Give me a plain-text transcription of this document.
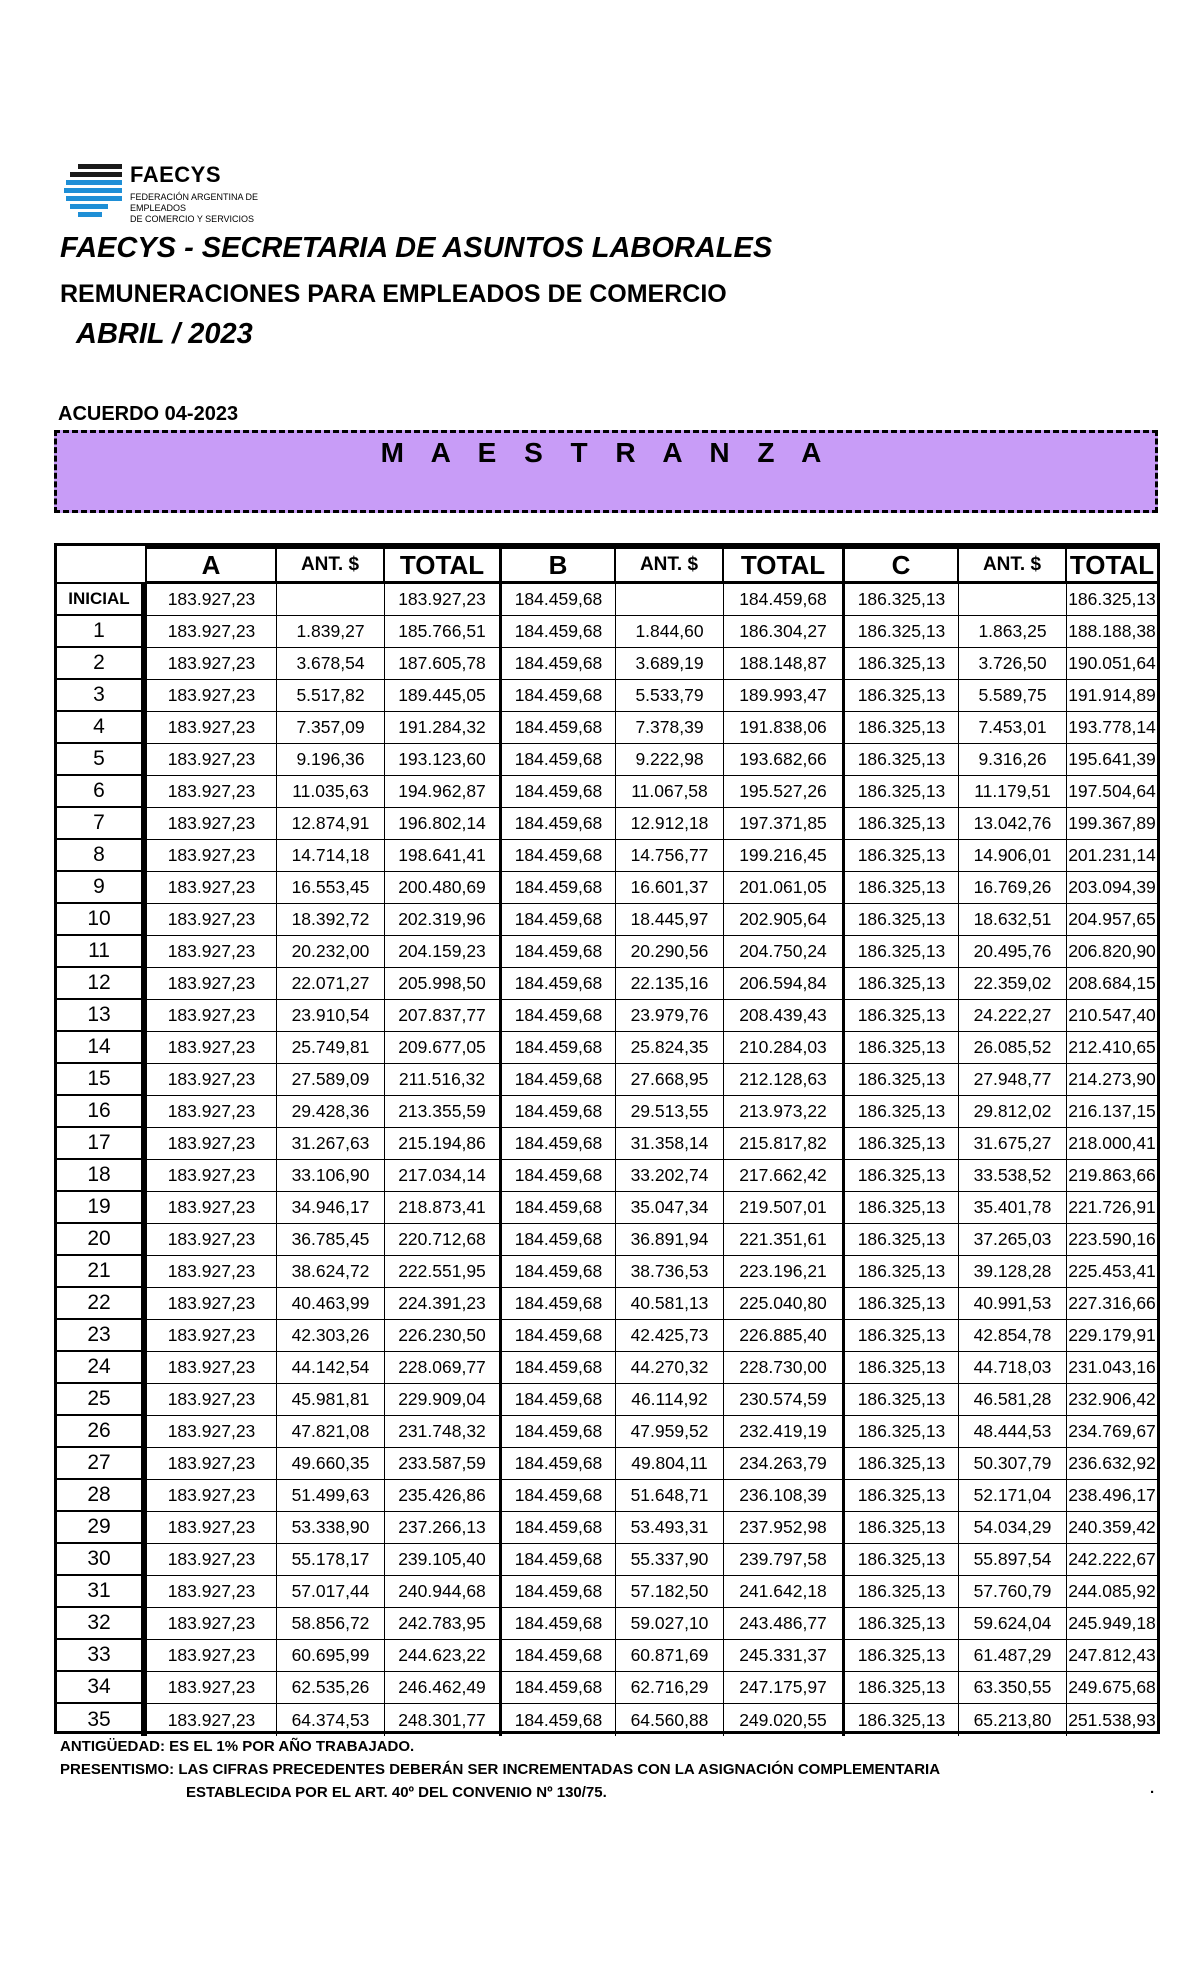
FAECYS
FEDERACIÓN ARGENTINA DE EMPLEADOS
DE COMERCIO Y SERVICIOS
FAECYS - SECRETARIA DE ASUNTOS LABORALES
REMUNERACIONES PARA EMPLEADOS DE COMERCIO
ABRIL / 2023
ACUERDO 04-2023
M A E S T R A N Z A
	A	ANT. $	TOTAL	B	ANT. $	TOTAL	C	ANT. $	TOTAL
INICIAL	183.927,23		183.927,23	184.459,68		184.459,68	186.325,13		186.325,13
1	183.927,23	1.839,27	185.766,51	184.459,68	1.844,60	186.304,27	186.325,13	1.863,25	188.188,38
2	183.927,23	3.678,54	187.605,78	184.459,68	3.689,19	188.148,87	186.325,13	3.726,50	190.051,64
3	183.927,23	5.517,82	189.445,05	184.459,68	5.533,79	189.993,47	186.325,13	5.589,75	191.914,89
4	183.927,23	7.357,09	191.284,32	184.459,68	7.378,39	191.838,06	186.325,13	7.453,01	193.778,14
5	183.927,23	9.196,36	193.123,60	184.459,68	9.222,98	193.682,66	186.325,13	9.316,26	195.641,39
6	183.927,23	11.035,63	194.962,87	184.459,68	11.067,58	195.527,26	186.325,13	11.179,51	197.504,64
7	183.927,23	12.874,91	196.802,14	184.459,68	12.912,18	197.371,85	186.325,13	13.042,76	199.367,89
8	183.927,23	14.714,18	198.641,41	184.459,68	14.756,77	199.216,45	186.325,13	14.906,01	201.231,14
9	183.927,23	16.553,45	200.480,69	184.459,68	16.601,37	201.061,05	186.325,13	16.769,26	203.094,39
10	183.927,23	18.392,72	202.319,96	184.459,68	18.445,97	202.905,64	186.325,13	18.632,51	204.957,65
11	183.927,23	20.232,00	204.159,23	184.459,68	20.290,56	204.750,24	186.325,13	20.495,76	206.820,90
12	183.927,23	22.071,27	205.998,50	184.459,68	22.135,16	206.594,84	186.325,13	22.359,02	208.684,15
13	183.927,23	23.910,54	207.837,77	184.459,68	23.979,76	208.439,43	186.325,13	24.222,27	210.547,40
14	183.927,23	25.749,81	209.677,05	184.459,68	25.824,35	210.284,03	186.325,13	26.085,52	212.410,65
15	183.927,23	27.589,09	211.516,32	184.459,68	27.668,95	212.128,63	186.325,13	27.948,77	214.273,90
16	183.927,23	29.428,36	213.355,59	184.459,68	29.513,55	213.973,22	186.325,13	29.812,02	216.137,15
17	183.927,23	31.267,63	215.194,86	184.459,68	31.358,14	215.817,82	186.325,13	31.675,27	218.000,41
18	183.927,23	33.106,90	217.034,14	184.459,68	33.202,74	217.662,42	186.325,13	33.538,52	219.863,66
19	183.927,23	34.946,17	218.873,41	184.459,68	35.047,34	219.507,01	186.325,13	35.401,78	221.726,91
20	183.927,23	36.785,45	220.712,68	184.459,68	36.891,94	221.351,61	186.325,13	37.265,03	223.590,16
21	183.927,23	38.624,72	222.551,95	184.459,68	38.736,53	223.196,21	186.325,13	39.128,28	225.453,41
22	183.927,23	40.463,99	224.391,23	184.459,68	40.581,13	225.040,80	186.325,13	40.991,53	227.316,66
23	183.927,23	42.303,26	226.230,50	184.459,68	42.425,73	226.885,40	186.325,13	42.854,78	229.179,91
24	183.927,23	44.142,54	228.069,77	184.459,68	44.270,32	228.730,00	186.325,13	44.718,03	231.043,16
25	183.927,23	45.981,81	229.909,04	184.459,68	46.114,92	230.574,59	186.325,13	46.581,28	232.906,42
26	183.927,23	47.821,08	231.748,32	184.459,68	47.959,52	232.419,19	186.325,13	48.444,53	234.769,67
27	183.927,23	49.660,35	233.587,59	184.459,68	49.804,11	234.263,79	186.325,13	50.307,79	236.632,92
28	183.927,23	51.499,63	235.426,86	184.459,68	51.648,71	236.108,39	186.325,13	52.171,04	238.496,17
29	183.927,23	53.338,90	237.266,13	184.459,68	53.493,31	237.952,98	186.325,13	54.034,29	240.359,42
30	183.927,23	55.178,17	239.105,40	184.459,68	55.337,90	239.797,58	186.325,13	55.897,54	242.222,67
31	183.927,23	57.017,44	240.944,68	184.459,68	57.182,50	241.642,18	186.325,13	57.760,79	244.085,92
32	183.927,23	58.856,72	242.783,95	184.459,68	59.027,10	243.486,77	186.325,13	59.624,04	245.949,18
33	183.927,23	60.695,99	244.623,22	184.459,68	60.871,69	245.331,37	186.325,13	61.487,29	247.812,43
34	183.927,23	62.535,26	246.462,49	184.459,68	62.716,29	247.175,97	186.325,13	63.350,55	249.675,68
35	183.927,23	64.374,53	248.301,77	184.459,68	64.560,88	249.020,55	186.325,13	65.213,80	251.538,93
ANTIGÜEDAD: ES EL 1% POR AÑO TRABAJADO.
PRESENTISMO: LAS CIFRAS PRECEDENTES DEBERÁN SER INCREMENTADAS CON LA ASIGNACIÓN COMPLEMENTARIA
ESTABLECIDA POR EL ART. 40º DEL CONVENIO Nº 130/75.	.
